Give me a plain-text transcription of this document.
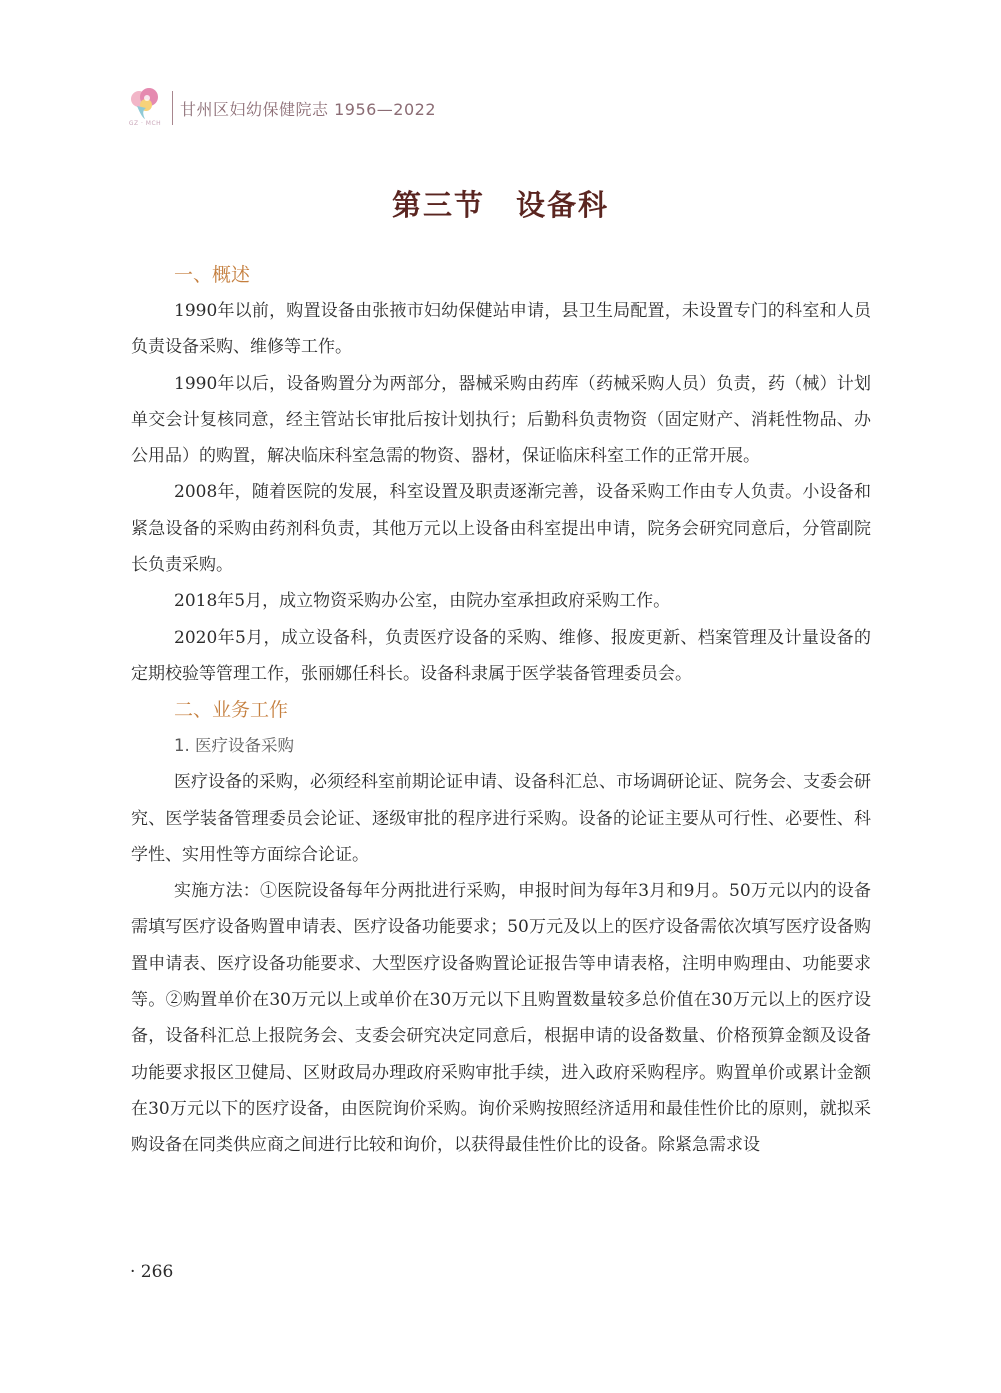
GZ · MCH
甘州区妇幼保健院志 1956—2022
第三节　设备科
一、概述

1990年以前，购置设备由张掖市妇幼保健站申请，县卫生局配置，未设置专门的科室和人员负责设备采购、维修等工作。

1990年以后，设备购置分为两部分，器械采购由药库（药械采购人员）负责，药（械）计划单交会计复核同意，经主管站长审批后按计划执行；后勤科负责物资（固定财产、消耗性物品、办公用品）的购置，解决临床科室急需的物资、器材，保证临床科室工作的正常开展。

2008年，随着医院的发展，科室设置及职责逐渐完善，设备采购工作由专人负责。小设备和紧急设备的采购由药剂科负责，其他万元以上设备由科室提出申请，院务会研究同意后，分管副院长负责采购。

2018年5月，成立物资采购办公室，由院办室承担政府采购工作。

2020年5月，成立设备科，负责医疗设备的采购、维修、报废更新、档案管理及计量设备的定期校验等管理工作，张丽娜任科长。设备科隶属于医学装备管理委员会。

二、业务工作
1. 医疗设备采购

医疗设备的采购，必须经科室前期论证申请、设备科汇总、市场调研论证、院务会、支委会研究、医学装备管理委员会论证、逐级审批的程序进行采购。设备的论证主要从可行性、必要性、科学性、实用性等方面综合论证。

实施方法：①医院设备每年分两批进行采购，申报时间为每年3月和9月。50万元以内的设备需填写医疗设备购置申请表、医疗设备功能要求；50万元及以上的医疗设备需依次填写医疗设备购置申请表、医疗设备功能要求、大型医疗设备购置论证报告等申请表格，注明申购理由、功能要求等。②购置单价在30万元以上或单价在30万元以下且购置数量较多总价值在30万元以上的医疗设备，设备科汇总上报院务会、支委会研究决定同意后，根据申请的设备数量、价格预算金额及设备功能要求报区卫健局、区财政局办理政府采购审批手续，进入政府采购程序。购置单价或累计金额在30万元以下的医疗设备，由医院询价采购。询价采购按照经济适用和最佳性价比的原则，就拟采购设备在同类供应商之间进行比较和询价，以获得最佳性价比的设备。除紧急需求设

· 266
